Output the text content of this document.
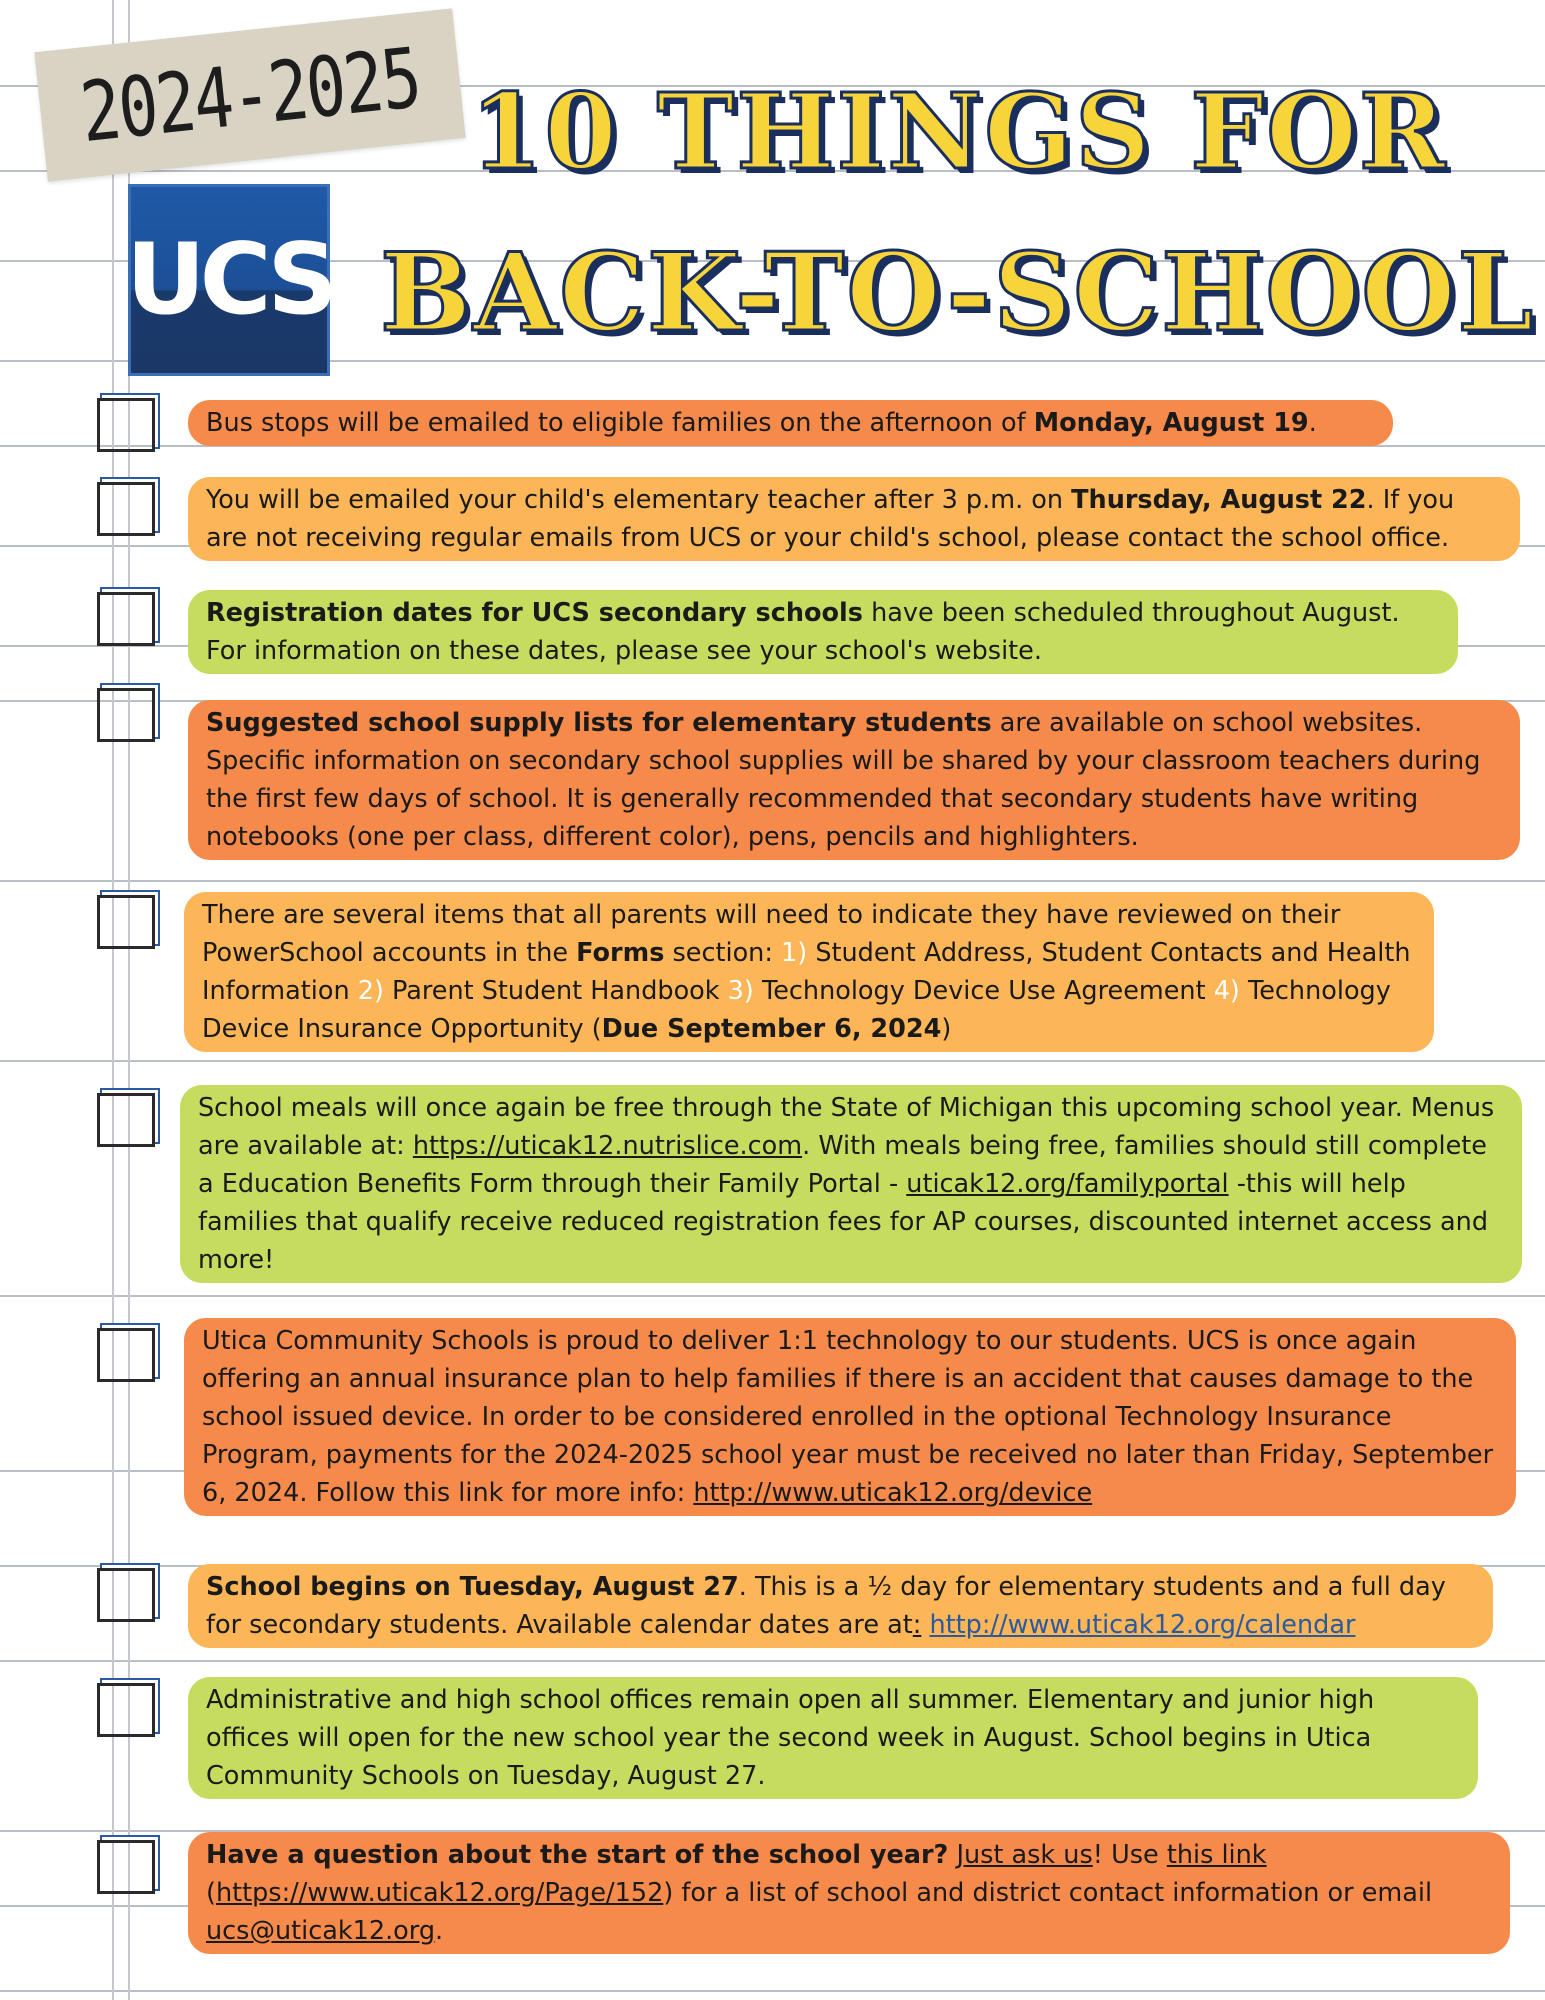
2024-2025
UCS
10 THINGS FOR
BACK-TO-SCHOOL
Bus stops will be emailed to eligible families on the afternoon of Monday, August 19.
You will be emailed your child's elementary teacher after 3 p.m. on Thursday, August 22. If you are not receiving regular emails from UCS or your child's school, please contact the school office.
Registration dates for UCS secondary schools have been scheduled throughout August. For information on these dates, please see your school's website.
Suggested school supply lists for elementary students are available on school websites. Specific information on secondary school supplies will be shared by your classroom teachers during the first few days of school. It is generally recommended that secondary students have writing notebooks (one per class, different color), pens, pencils and highlighters.
There are several items that all parents will need to indicate they have reviewed on their PowerSchool accounts in the Forms section: 1) Student Address, Student Contacts and Health Information 2) Parent Student Handbook 3) Technology Device Use Agreement 4) Technology Device Insurance Opportunity (Due September 6, 2024)
School meals will once again be free through the State of Michigan this upcoming school year. Menus are available at: https://uticak12.nutrislice.com. With meals being free, families should still complete a Education Benefits Form through their Family Portal - uticak12.org/familyportal -this will help families that qualify receive reduced registration fees for AP courses, discounted internet access and more!
Utica Community Schools is proud to deliver 1:1 technology to our students. UCS is once again offering an annual insurance plan to help families if there is an accident that causes damage to the school issued device. In order to be considered enrolled in the optional Technology Insurance Program, payments for the 2024-2025 school year must be received no later than Friday, September 6, 2024. Follow this link for more info: http://www.uticak12.org/device
School begins on Tuesday, August 27. This is a ½ day for elementary students and a full day for secondary students. Available calendar dates are at: http://www.uticak12.org/calendar
Administrative and high school offices remain open all summer. Elementary and junior high offices will open for the new school year the second week in August. School begins in Utica Community Schools on Tuesday, August 27.
Have a question about the start of the school year? Just ask us! Use this link (https://www.uticak12.org/Page/152) for a list of school and district contact information or email ucs@uticak12.org.
